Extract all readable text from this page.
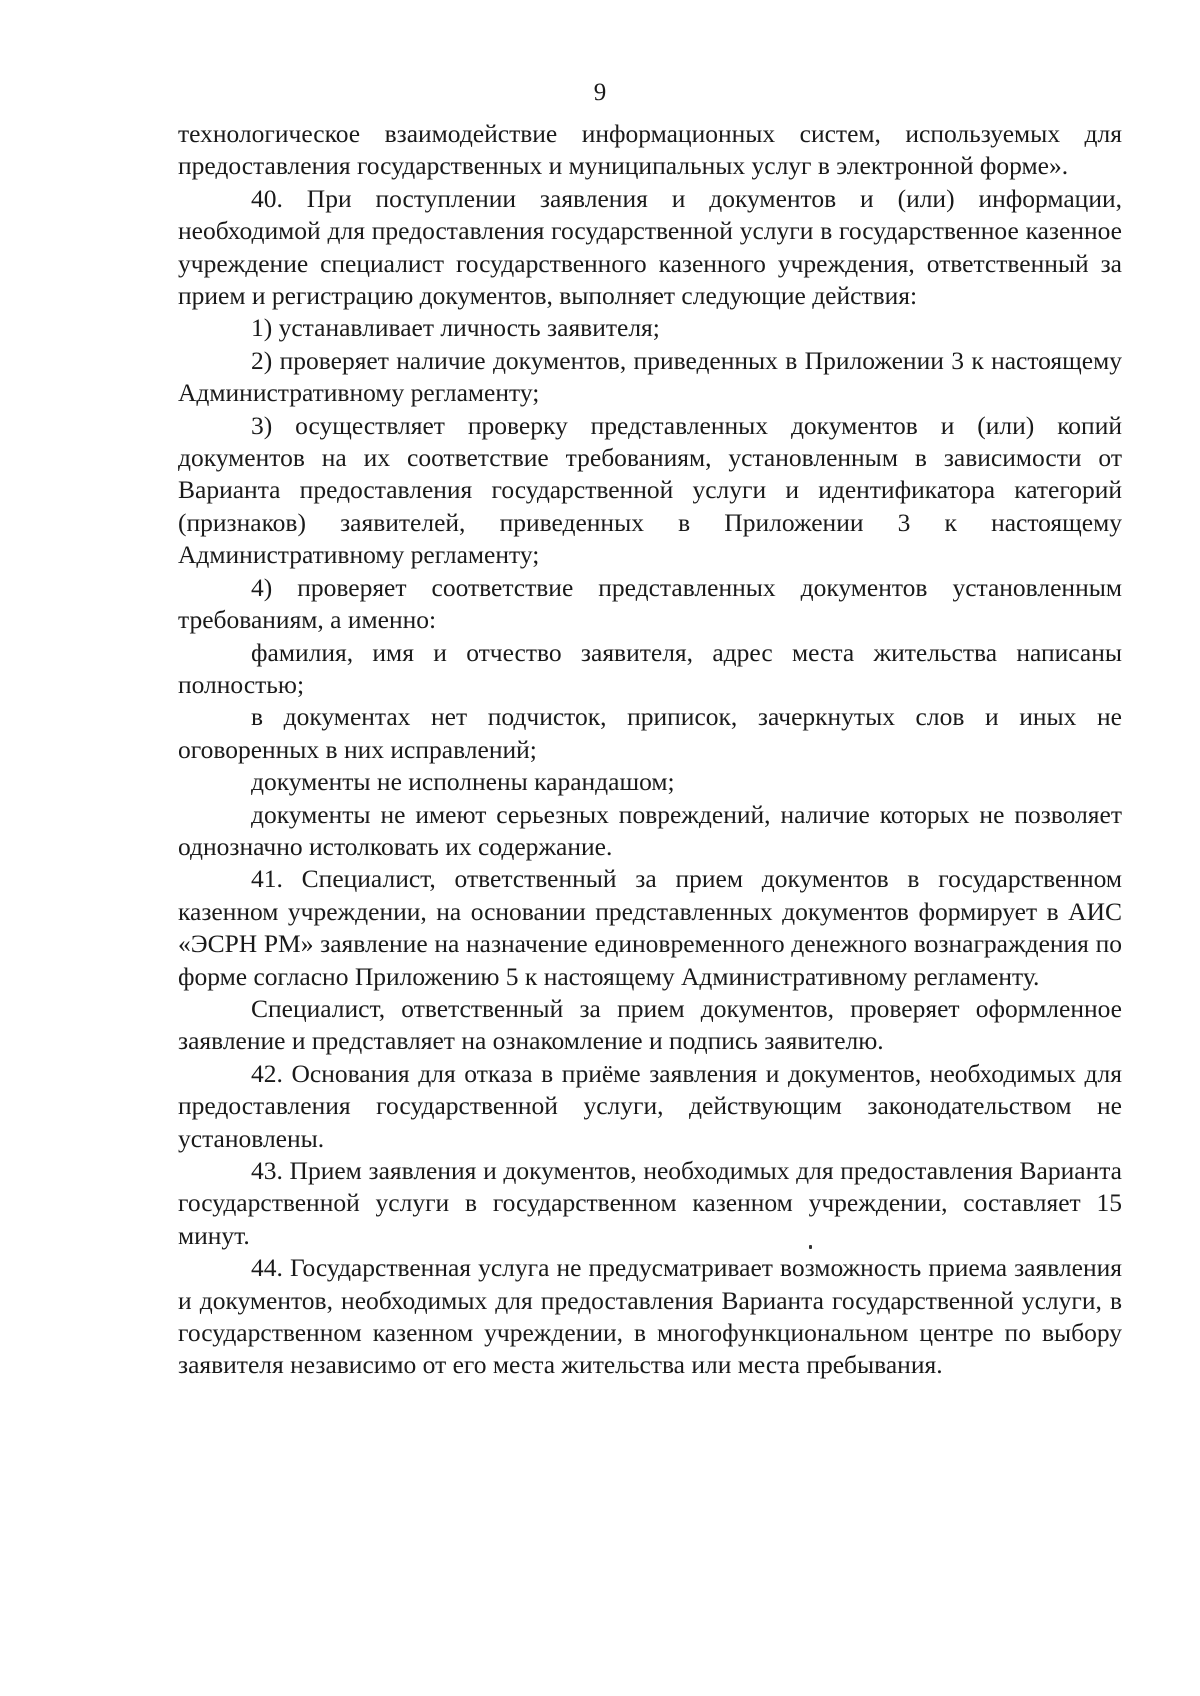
9

технологическое взаимодействие информационных систем, используемых для предоставления государственных и муниципальных услуг в электронной форме».

40. При поступлении заявления и документов и (или) информации, необходимой для предоставления государственной услуги в государственное казенное учреждение специалист государственного казенного учреждения, ответственный за прием и регистрацию документов, выполняет следующие действия:

1) устанавливает личность заявителя;

2) проверяет наличие документов, приведенных в Приложении 3 к настоящему Административному регламенту;

3) осуществляет проверку представленных документов и (или) копий документов на их соответствие требованиям, установленным в зависимости от Варианта предоставления государственной услуги и идентификатора категорий (признаков) заявителей, приведенных в Приложении 3 к настоящему Административному регламенту;

4) проверяет соответствие представленных документов установленным требованиям, а именно:

фамилия, имя и отчество заявителя, адрес места жительства написаны полностью;

в документах нет подчисток, приписок, зачеркнутых слов и иных не оговоренных в них исправлений;

документы не исполнены карандашом;

документы не имеют серьезных повреждений, наличие которых не позволяет однозначно истолковать их содержание.

41. Специалист, ответственный за прием документов в государственном казенном учреждении, на основании представленных документов формирует в АИС «ЭСРН РМ» заявление на назначение единовременного денежного вознаграждения по форме согласно Приложению 5 к настоящему Административному регламенту.

Специалист, ответственный за прием документов, проверяет оформленное заявление и представляет на ознакомление и подпись заявителю.

42. Основания для отказа в приёме заявления и документов, необходимых для предоставления государственной услуги, действующим законодательством не установлены.

43. Прием заявления и документов, необходимых для предоставления Варианта государственной услуги в государственном казенном учреждении, составляет 15 минут.

44. Государственная услуга не предусматривает возможность приема заявления и документов, необходимых для предоставления Варианта государственной услуги, в государственном казенном учреждении, в многофункциональном центре по выбору заявителя независимо от его места жительства или места пребывания.
